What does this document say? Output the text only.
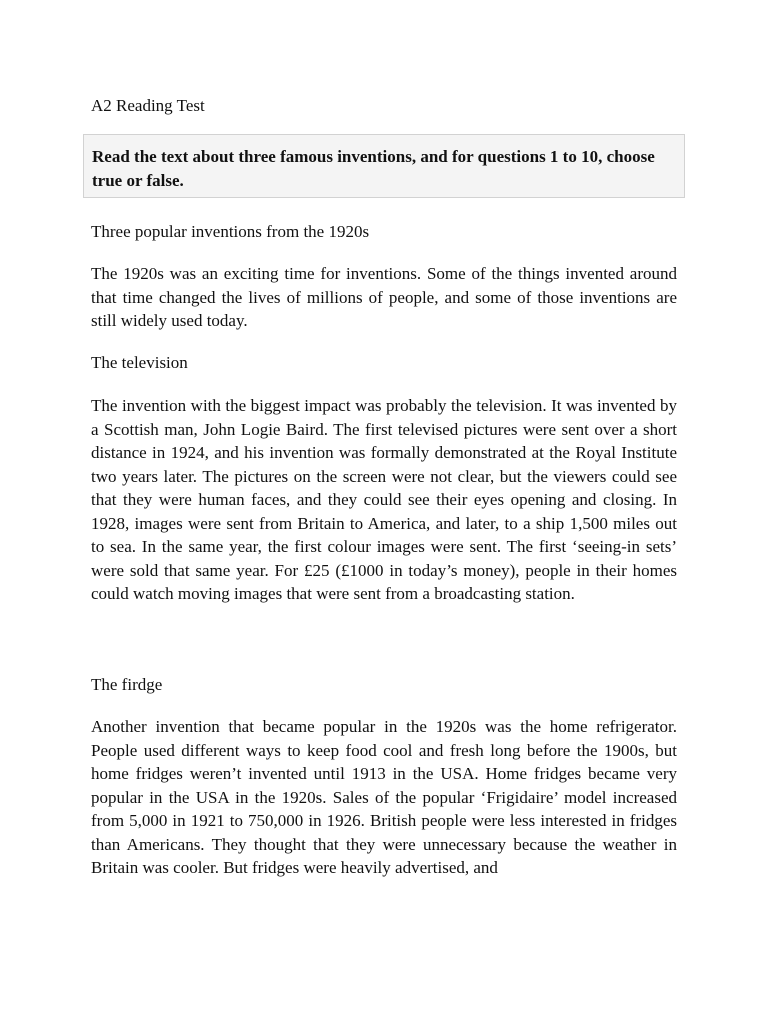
A2 Reading Test

Read the text about three famous inventions, and for questions 1 to 10, choose true or false.

Three popular inventions from the 1920s

The 1920s was an exciting time for inventions. Some of the things invented around that time changed the lives of millions of people, and some of those inventions are still widely used today.

The television

The invention with the biggest impact was probably the television. It was invented by a Scottish man, John Logie Baird. The first televised pictures were sent over a short distance in 1924, and his invention was formally demonstrated at the Royal Institute two years later. The pictures on the screen were not clear, but the viewers could see that they were human faces, and they could see their eyes opening and closing. In 1928, images were sent from Britain to America, and later, to a ship 1,500 miles out to sea. In the same year, the first colour images were sent. The first ‘seeing-in sets’ were sold that same year. For £25 (£1000 in today’s money), people in their homes could watch moving images that were sent from a broadcasting station.

The firdge

Another invention that became popular in the 1920s was the home refrigerator. People used different ways to keep food cool and fresh long before the 1900s, but home fridges weren’t invented until 1913 in the USA. Home fridges became very popular in the USA in the 1920s. Sales of the popular ‘Frigidaire’ model increased from 5,000 in 1921 to 750,000 in 1926. British people were less interested in fridges than Americans. They thought that they were unnecessary because the weather in Britain was cooler. But fridges were heavily advertised, and
